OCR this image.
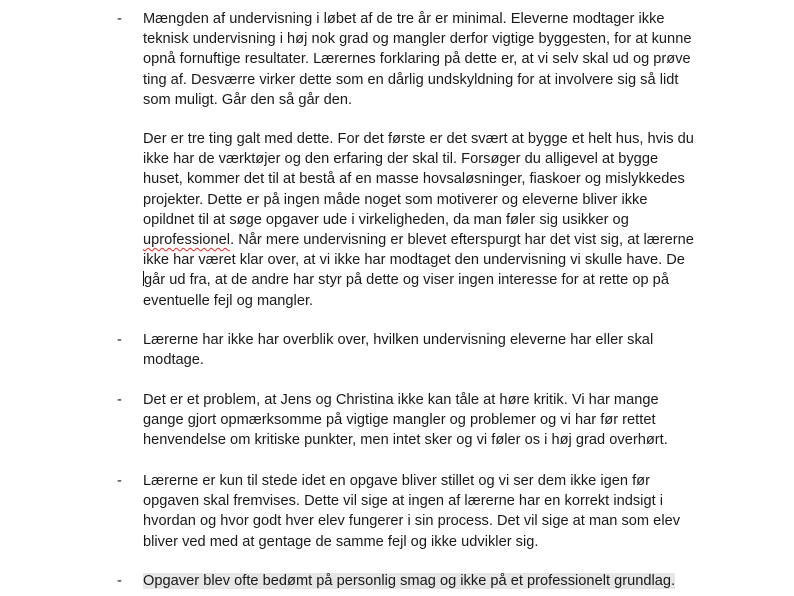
- Mængden af undervisning i løbet af de tre år er minimal. Eleverne modtager ikke
teknisk undervisning i høj nok grad og mangler derfor vigtige byggesten, for at kunne
opnå fornuftige resultater. Lærernes forklaring på dette er, at vi selv skal ud og prøve
ting af. Desværre virker dette som en dårlig undskyldning for at involvere sig så lidt
som muligt. Går den så går den.
Der er tre ting galt med dette. For det første er det svært at bygge et helt hus, hvis du
ikke har de værktøjer og den erfaring der skal til. Forsøger du alligevel at bygge
huset, kommer det til at bestå af en masse hovsaløsninger, fiaskoer og mislykkedes
projekter. Dette er på ingen måde noget som motiverer og eleverne bliver ikke
opildnet til at søge opgaver ude i virkeligheden, da man føler sig usikker og
uprofessionel. Når mere undervisning er blevet efterspurgt har det vist sig, at lærerne
ikke har været klar over, at vi ikke har modtaget den undervisning vi skulle have. De
går ud fra, at de andre har styr på dette og viser ingen interesse for at rette op på
eventuelle fejl og mangler.
- Lærerne har ikke har overblik over, hvilken undervisning eleverne har eller skal
modtage.
- Det er et problem, at Jens og Christina ikke kan tåle at høre kritik. Vi har mange
gange gjort opmærksomme på vigtige mangler og problemer og vi har før rettet
henvendelse om kritiske punkter, men intet sker og vi føler os i høj grad overhørt.
- Lærerne er kun til stede idet en opgave bliver stillet og vi ser dem ikke igen før
opgaven skal fremvises. Dette vil sige at ingen af lærerne har en korrekt indsigt i
hvordan og hvor godt hver elev fungerer i sin process. Det vil sige at man som elev
bliver ved med at gentage de samme fejl og ikke udvikler sig.
- Opgaver blev ofte bedømt på personlig smag og ikke på et professionelt grundlag.
